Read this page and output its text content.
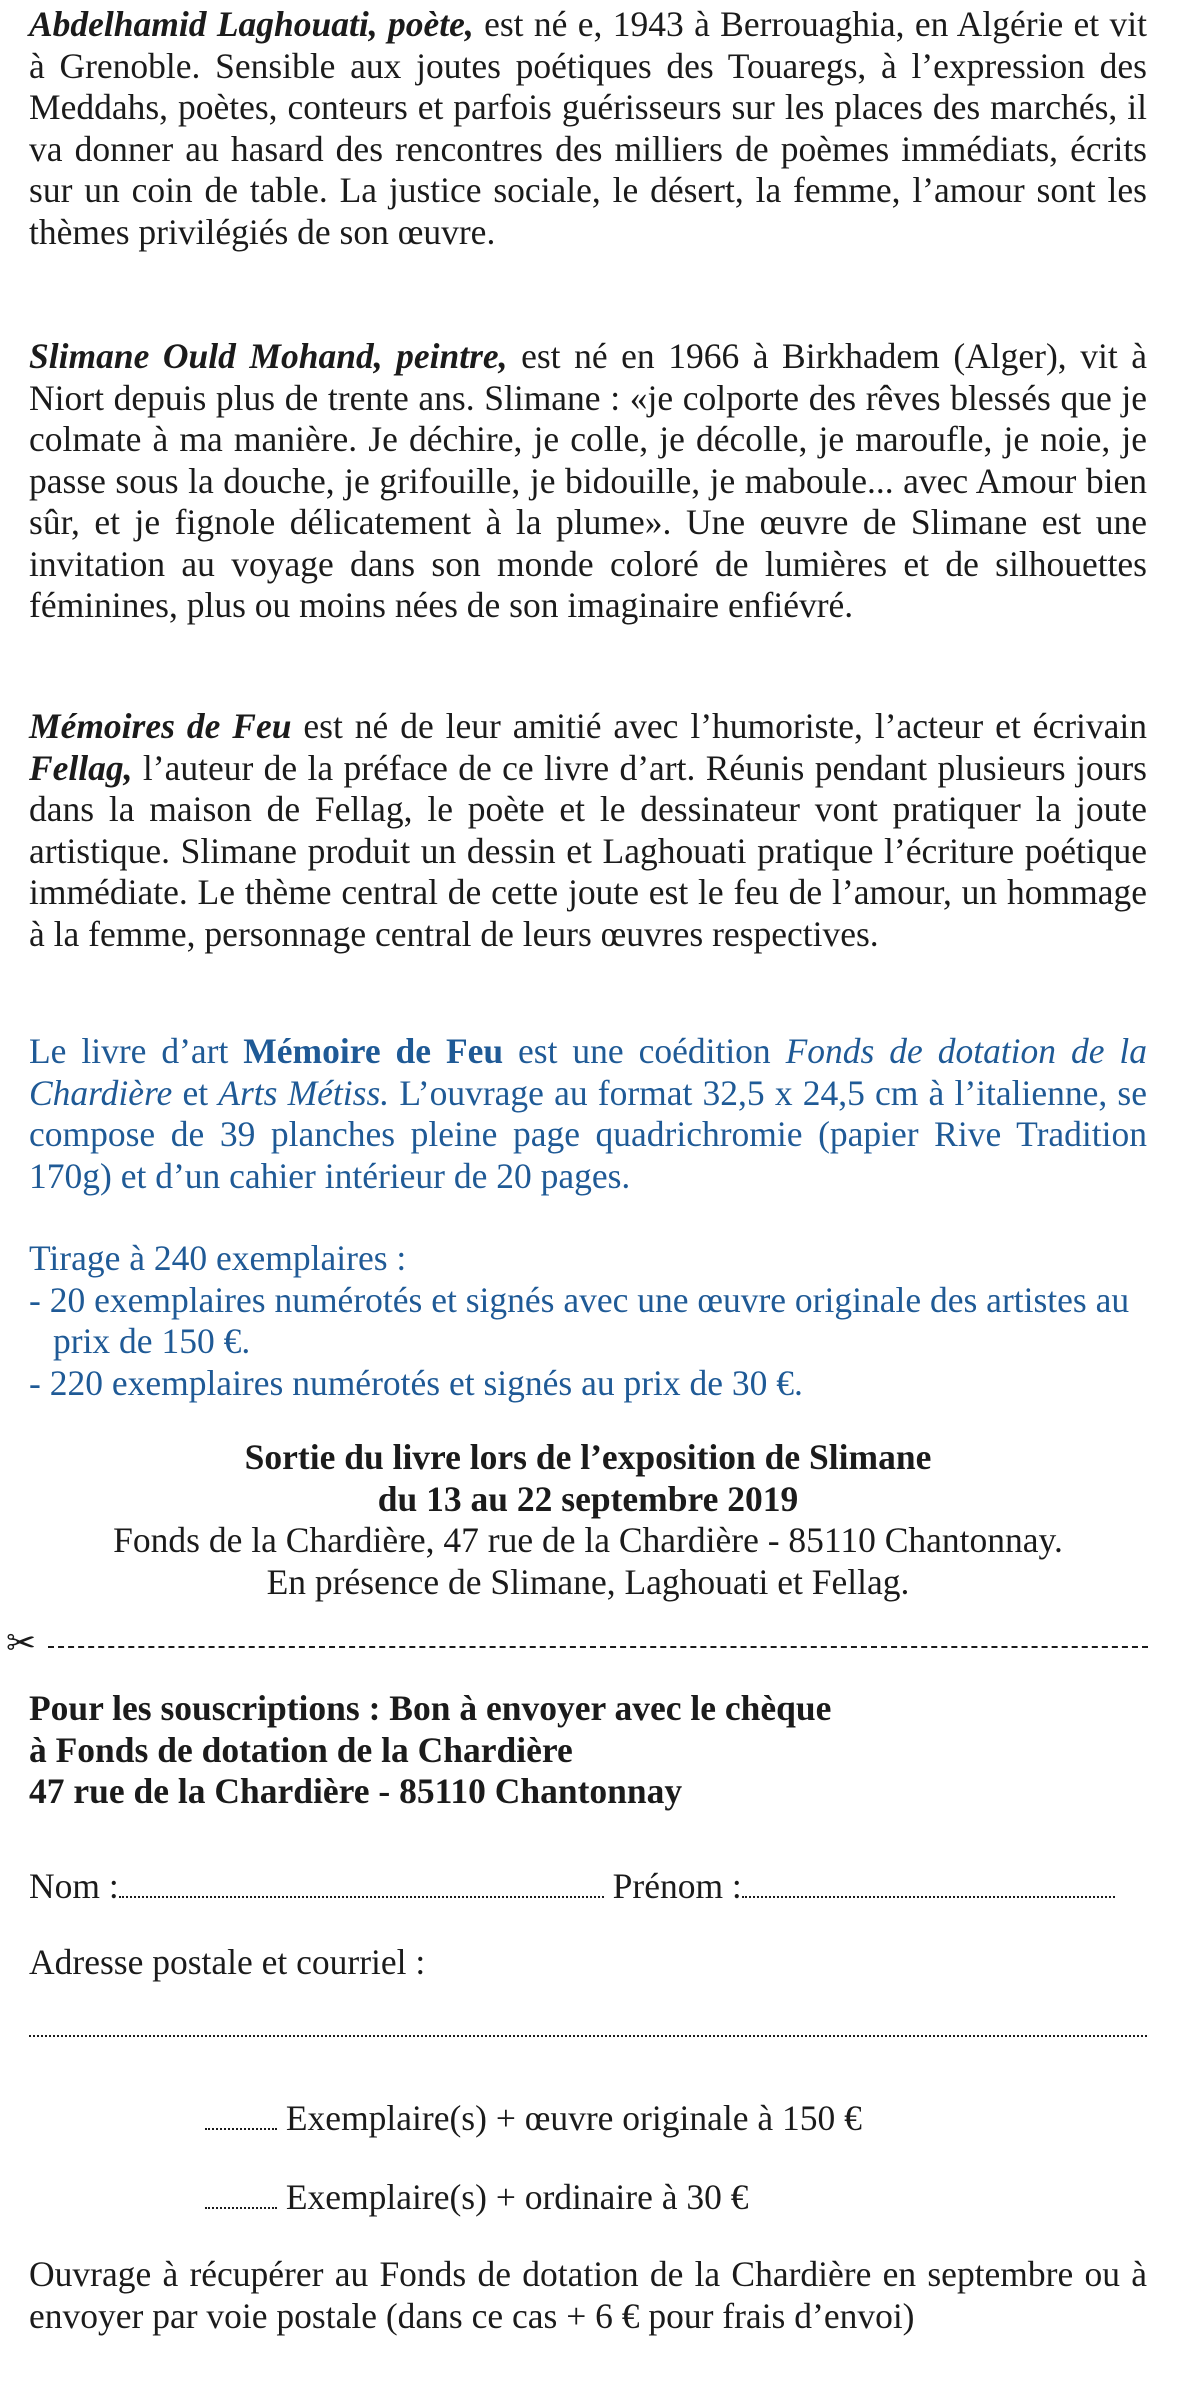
Abdelhamid Laghouati, poète, est né e, 1943 à Berrouaghia, en Algérie et vit à Grenoble. Sensible aux joutes poétiques des Touaregs, à l’expression des Meddahs, poètes, conteurs et parfois guérisseurs sur les places des marchés, il va donner au hasard des rencontres des milliers de poèmes immédiats, écrits sur un coin de table. La justice sociale, le désert, la femme, l’amour sont les thèmes privilégiés de son œuvre.

Slimane Ould Mohand, peintre, est né en 1966 à Birkhadem (Alger), vit à Niort depuis plus de trente ans. Slimane : «je colporte des rêves blessés que je colmate à ma manière. Je déchire, je colle, je décolle, je maroufle, je noie, je passe sous la douche, je grifouille, je bidouille, je maboule... avec Amour bien sûr, et je fignole délicatement à la plume». Une œuvre de Slimane est une invitation au voyage dans son monde coloré de lumières et de silhouettes féminines, plus ou moins nées de son imaginaire enfiévré.

Mémoires de Feu est né de leur amitié avec l’humoriste, l’acteur et écrivain Fellag, l’auteur de la préface de ce livre d’art. Réunis pendant plusieurs jours dans la maison de Fellag, le poète et le dessinateur vont pratiquer la joute artistique. Slimane produit un dessin et Laghouati pratique l’écriture poétique immédiate. Le thème central de cette joute est le feu de l’amour, un hommage à la femme, personnage central de leurs œuvres respectives.

Le livre d’art Mémoire de Feu est une coédition Fonds de dotation de la Chardière et Arts Métiss. L’ouvrage au format 32,5 x 24,5 cm à l’italienne, se compose de 39 planches pleine page quadrichromie (papier Rive Tradition 170g) et d’un cahier intérieur de 20 pages.

Tirage à 240 exemplaires :
- 20 exemplaires numérotés et signés avec une œuvre originale des artistes au prix de 150 €.
- 220 exemplaires numérotés et signés au prix de 30 €.
Sortie du livre lors de l’exposition de Slimane
du 13 au 22 septembre 2019
Fonds de la Chardière, 47 rue de la Chardière - 85110 Chantonnay.
En présence de Slimane, Laghouati et Fellag.
✂
Pour les souscriptions : Bon à envoyer avec le chèque
à Fonds de dotation de la Chardière
47 rue de la Chardière - 85110 Chantonnay
Nom :	Prénom :
Adresse postale et courriel :
Exemplaire(s) + œuvre originale à 150 €
Exemplaire(s) + ordinaire à 30 €

Ouvrage à récupérer au Fonds de dotation de la Chardière en septembre ou à envoyer par voie postale (dans ce cas + 6 € pour frais d’envoi)
